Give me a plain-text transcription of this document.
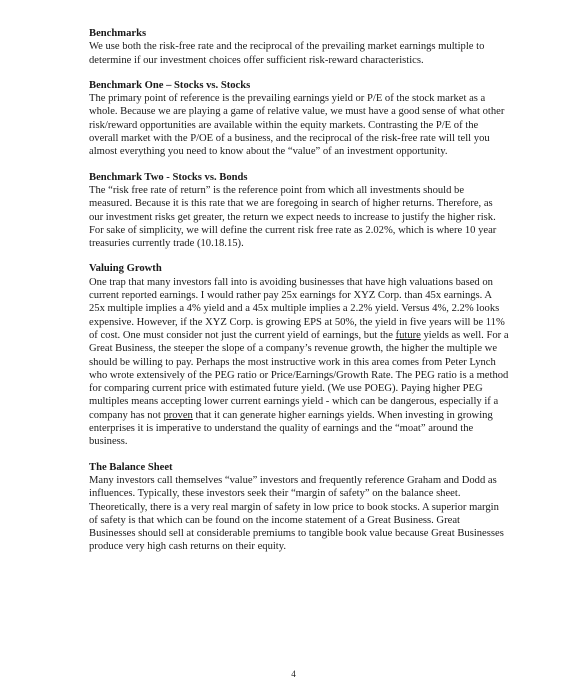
Benchmarks

We use both the risk-free rate and the reciprocal of the prevailing market earnings multiple to determine if our investment choices offer sufficient risk-reward characteristics.

Benchmark One – Stocks vs. Stocks

The primary point of reference is the prevailing earnings yield or P/E of the stock market as a whole. Because we are playing a game of relative value, we must have a good sense of what other risk/reward opportunities are available within the equity markets. Contrasting the P/E of the overall market with the P/OE of a business, and the reciprocal of the risk-free rate will tell you almost everything you need to know about the “value” of an investment opportunity.

Benchmark Two - Stocks vs. Bonds

The “risk free rate of return” is the reference point from which all investments should be measured. Because it is this rate that we are foregoing in search of higher returns. Therefore, as our investment risks get greater, the return we expect needs to increase to justify the higher risk. For sake of simplicity, we will define the current risk free rate as 2.02%, which is where 10 year treasuries currently trade (10.18.15).

Valuing Growth

One trap that many investors fall into is avoiding businesses that have high valuations based on current reported earnings. I would rather pay 25x earnings for XYZ Corp. than 45x earnings. A 25x multiple implies a 4% yield and a 45x multiple implies a 2.2% yield. Versus 4%, 2.2% looks expensive. However, if the XYZ Corp. is growing EPS at 50%, the yield in five years will be 11% of cost. One must consider not just the current yield of earnings, but the future yields as well. For a Great Business, the steeper the slope of a company’s revenue growth, the higher the multiple we should be willing to pay. Perhaps the most instructive work in this area comes from Peter Lynch who wrote extensively of the PEG ratio or Price/Earnings/Growth Rate. The PEG ratio is a method for comparing current price with estimated future yield. (We use POEG). Paying higher PEG multiples means accepting lower current earnings yield - which can be dangerous, especially if a company has not proven that it can generate higher earnings yields. When investing in growing enterprises it is imperative to understand the quality of earnings and the “moat” around the business.

The Balance Sheet

Many investors call themselves “value” investors and frequently reference Graham and Dodd as influences. Typically, these investors seek their “margin of safety” on the balance sheet. Theoretically, there is a very real margin of safety in low price to book stocks. A superior margin of safety is that which can be found on the income statement of a Great Business. Great Businesses should sell at considerable premiums to tangible book value because Great Businesses produce very high cash returns on their equity.

4
